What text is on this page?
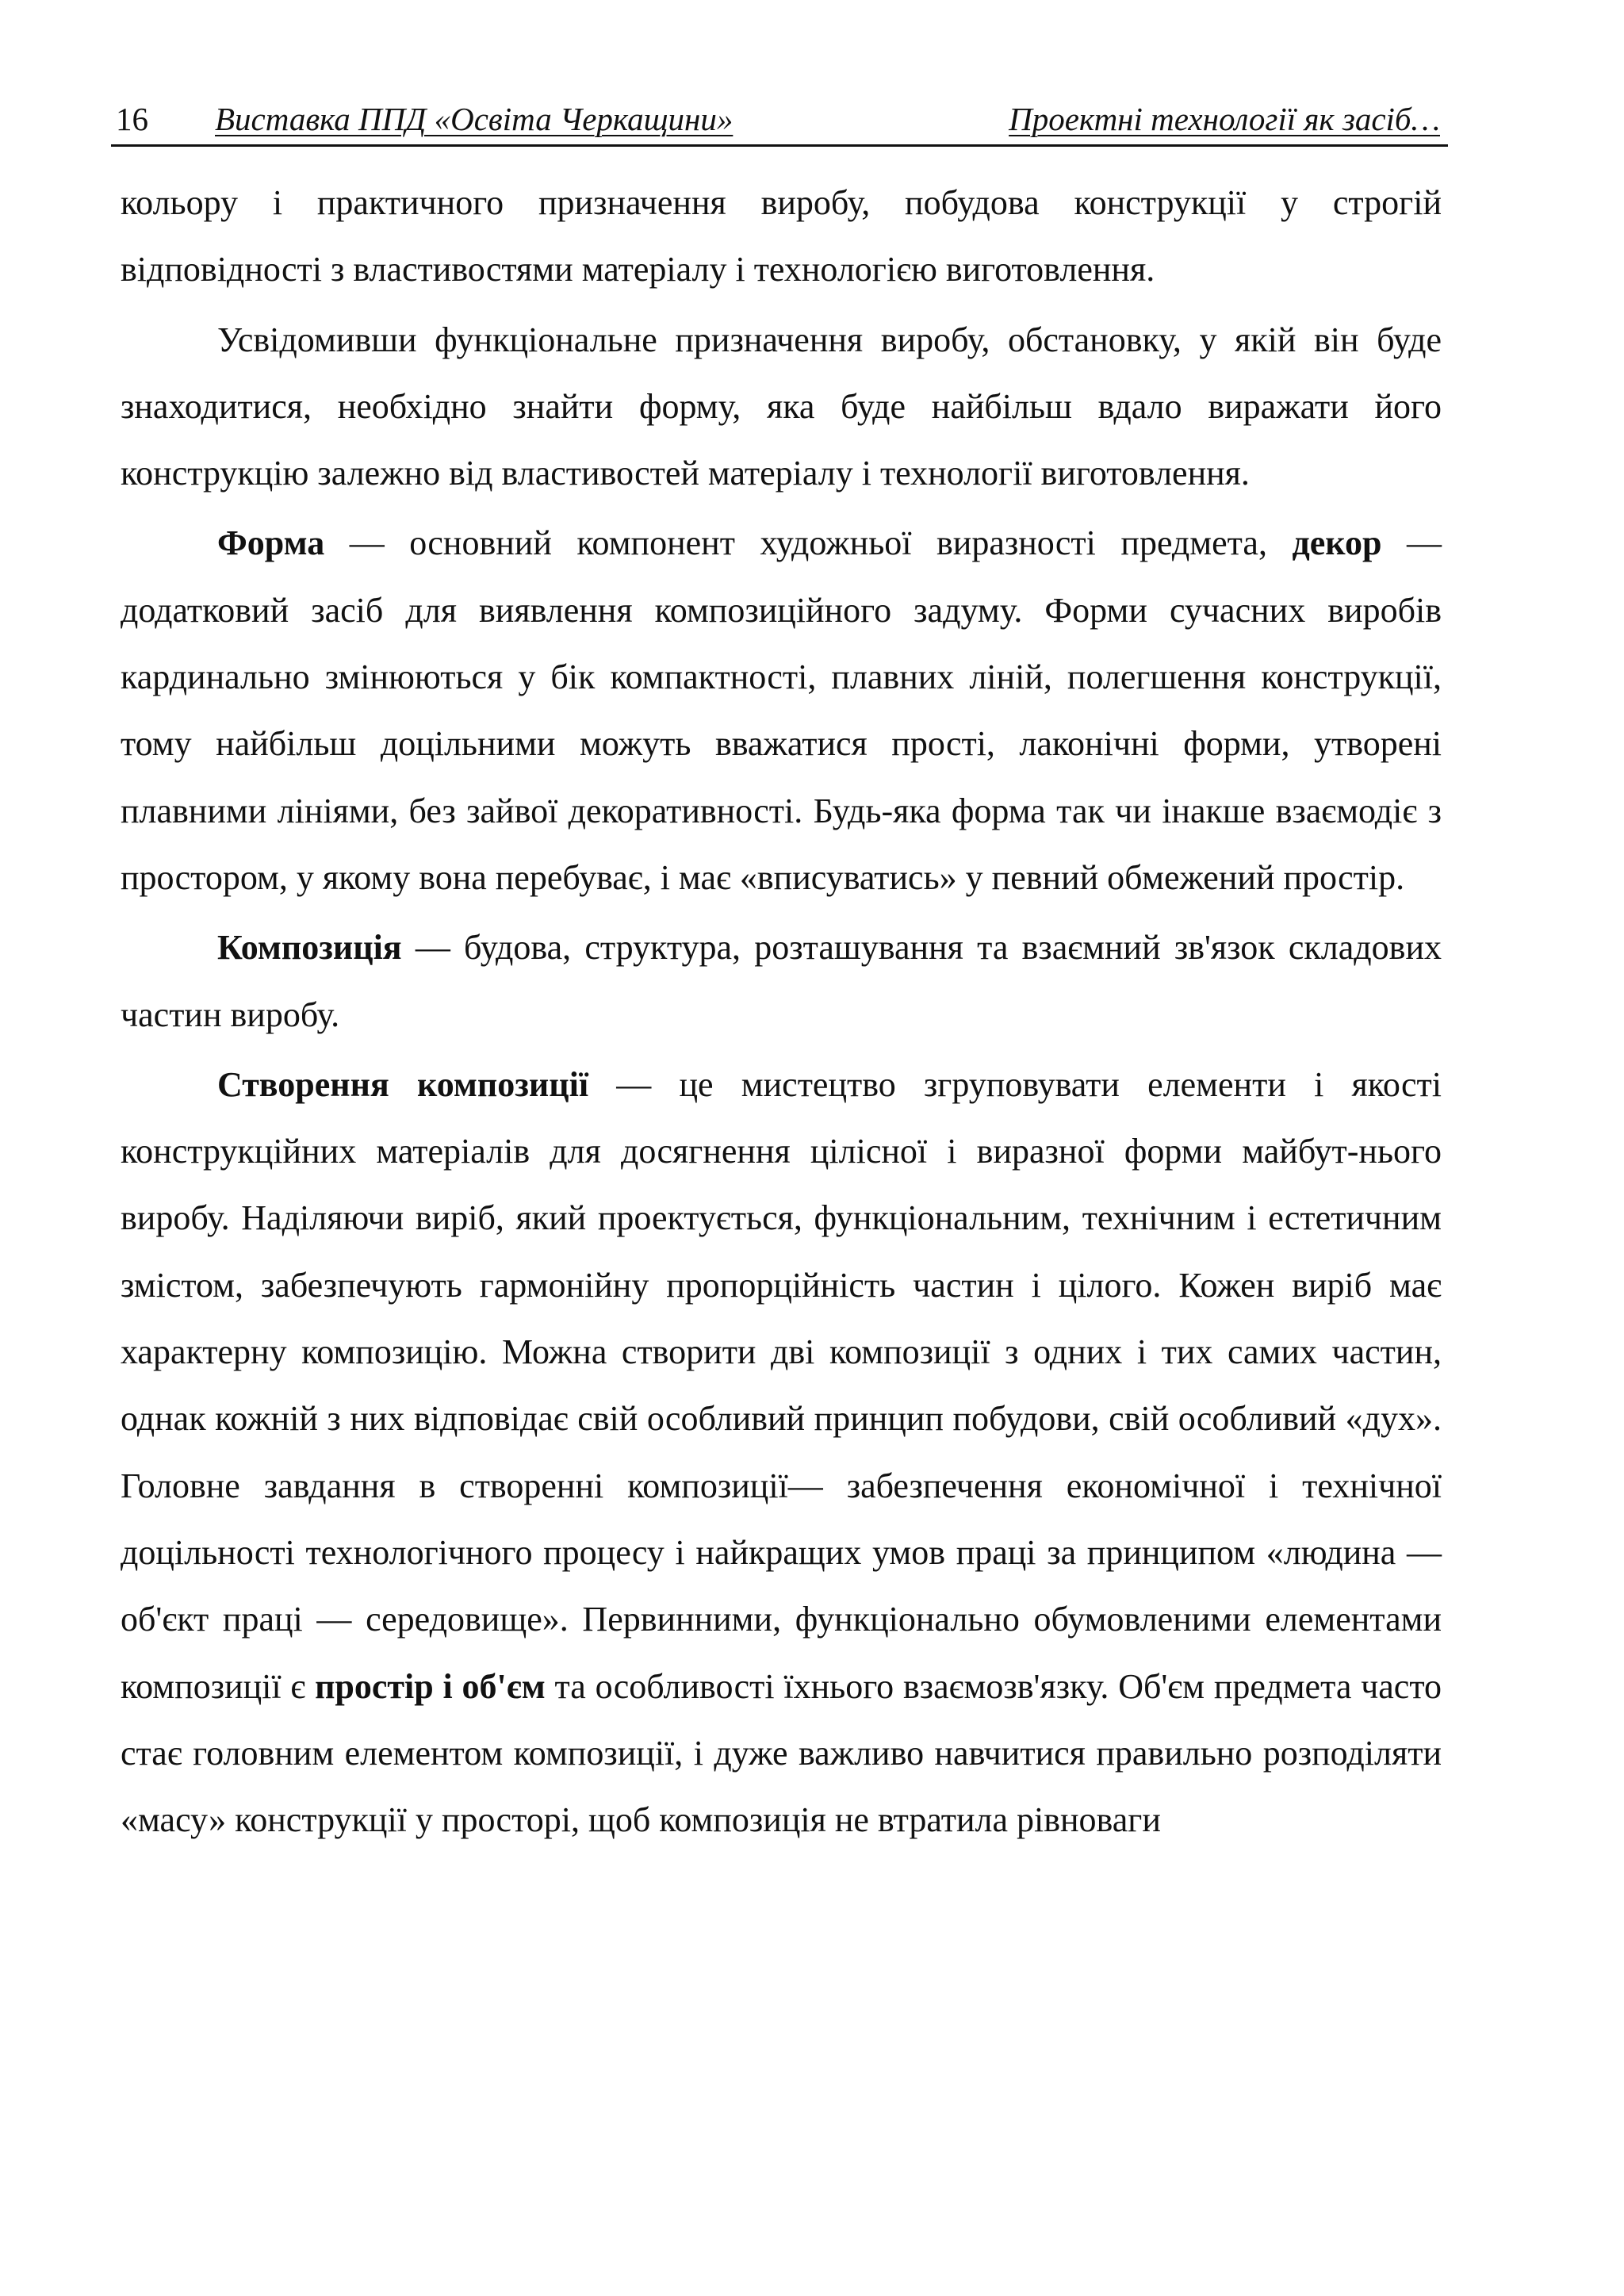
16 Виставка ППД «Освіта Черкащини»	Проектні технології як засіб…

кольору і практичного призначення виробу, побудова конструкції у строгій відповідності з властивостями матеріалу і технологією виготовлення.

Усвідомивши функціональне призначення виробу, обстановку, у якій він буде знаходитися, необхідно знайти форму, яка буде найбільш вдало виражати його конструкцію залежно від властивостей матеріалу і технології виготовлення.

Форма — основний компонент художньої виразності предмета, декор — додатковий засіб для виявлення композиційного задуму. Форми сучасних виробів кардинально змінюються у бік компактності, плавних ліній, полегшення конструкції, тому найбільш доцільними можуть вважатися прості, лаконічні форми, утворені плавними лініями, без зайвої декоративності. Будь-яка форма так чи інакше взаємодіє з простором, у якому вона перебуває, і має «вписуватись» у певний обмежений простір.

Композиція — будова, структура, розташування та взаємний зв'язок складових частин виробу.

Створення композиції — це мистецтво згруповувати елементи і якості конструкційних матеріалів для досягнення цілісної і виразної форми майбут-нього виробу. Наділяючи виріб, який проектується, функціональним, технічним і естетичним змістом, забезпечують гармонійну пропорційність частин і цілого. Кожен виріб має характерну композицію. Можна створити дві композиції з одних і тих самих частин, однак кожній з них відповідає свій особливий принцип побудови, свій особливий «дух». Головне завдання в створенні композиції— забезпечення економічної і технічної доцільності технологічного процесу і найкращих умов праці за принципом «людина — об'єкт праці — середовище». Первинними, функціонально обумовленими елементами композиції є простір і об'єм та особливості їхнього взаємозв'язку. Об'єм предмета часто стає головним елементом композиції, і дуже важливо навчитися правильно розподіляти «масу» конструкції у просторі, щоб композиція не втратила рівноваги
